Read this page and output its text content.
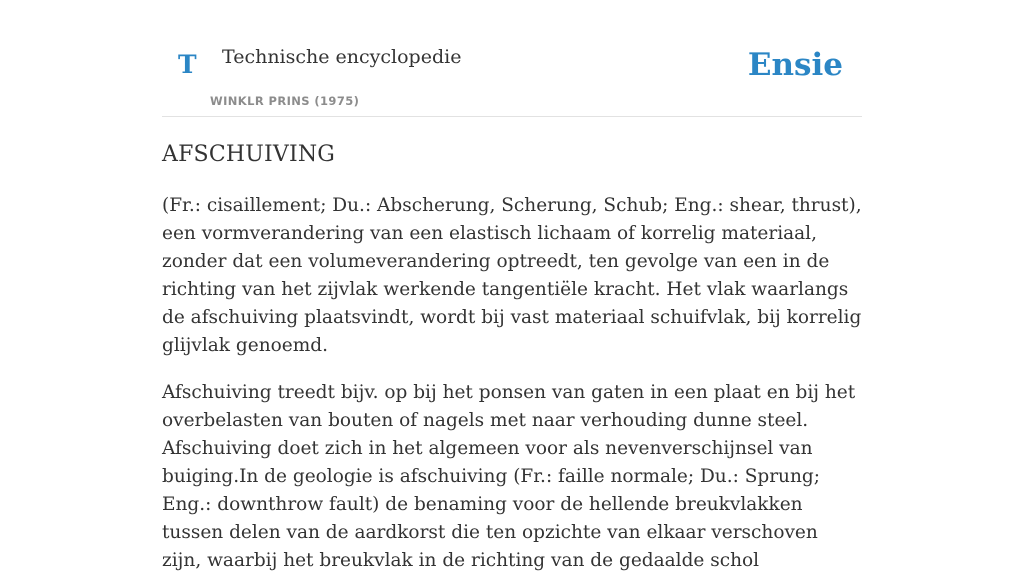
T Technische encyclopedie
WINKLR PRINS (1975)
Ensie
AFSCHUIVING

(Fr.: cisaillement; Du.: Abscherung, Scherung, Schub; Eng.: shear, thrust), een vormverandering van een elastisch lichaam of korrelig materiaal, zonder dat een volumeverandering optreedt, ten gevolge van een in de richting van het zijvlak werkende tangentiële kracht. Het vlak waarlangs de afschuiving plaatsvindt, wordt bij vast materiaal schuifvlak, bij korrelig glijvlak genoemd.

Afschuiving treedt bijv. op bij het ponsen van gaten in een plaat en bij het overbelasten van bouten of nagels met naar verhouding dunne steel. Afschuiving doet zich in het algemeen voor als nevenverschijnsel van buiging.In de geologie is afschuiving (Fr.: faille normale; Du.: Sprung; Eng.: downthrow fault) de benaming voor de hellende breukvlakken tussen delen van de aardkorst die ten opzichte van elkaar verschoven zijn, waarbij het breukvlak in de richting van de gedaalde schol
